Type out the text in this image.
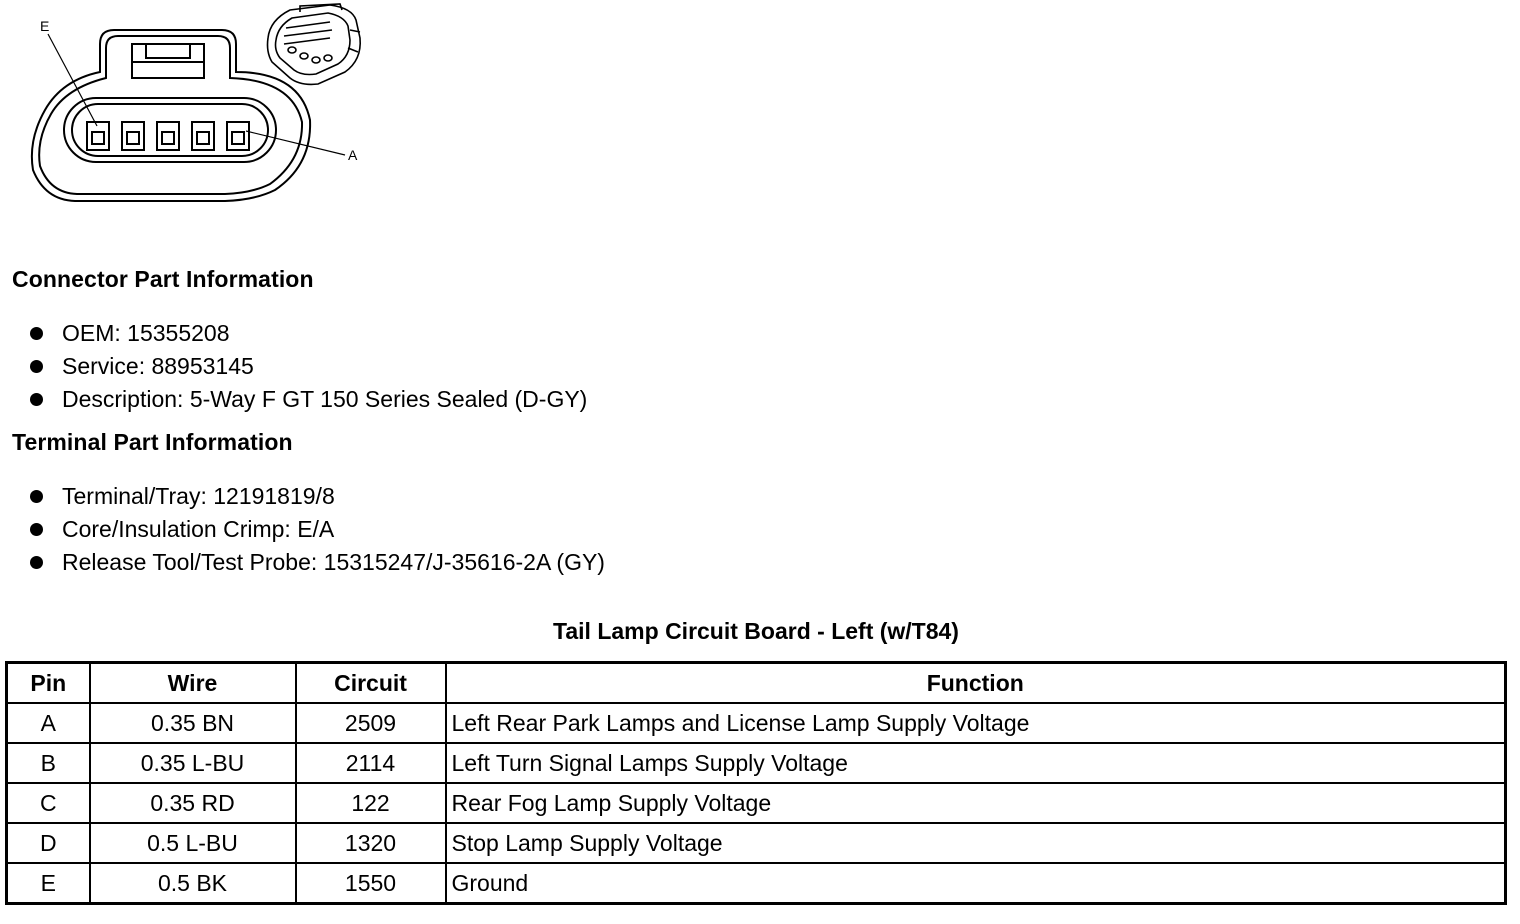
E
A
Connector Part Information
OEM: 15355208
Service: 88953145
Description: 5-Way F GT 150 Series Sealed (D-GY)
Terminal Part Information
Terminal/Tray: 12191819/8
Core/Insulation Crimp: E/A
Release Tool/Test Probe: 15315247/J-35616-2A (GY)
Tail Lamp Circuit Board - Left (w/T84)
Pin	Wire	Circuit	Function
A	0.35 BN	2509	Left Rear Park Lamps and License Lamp Supply Voltage
B	0.35 L-BU	2114	Left Turn Signal Lamps Supply Voltage
C	0.35 RD	122	Rear Fog Lamp Supply Voltage
D	0.5 L-BU	1320	Stop Lamp Supply Voltage
E	0.5 BK	1550	Ground
